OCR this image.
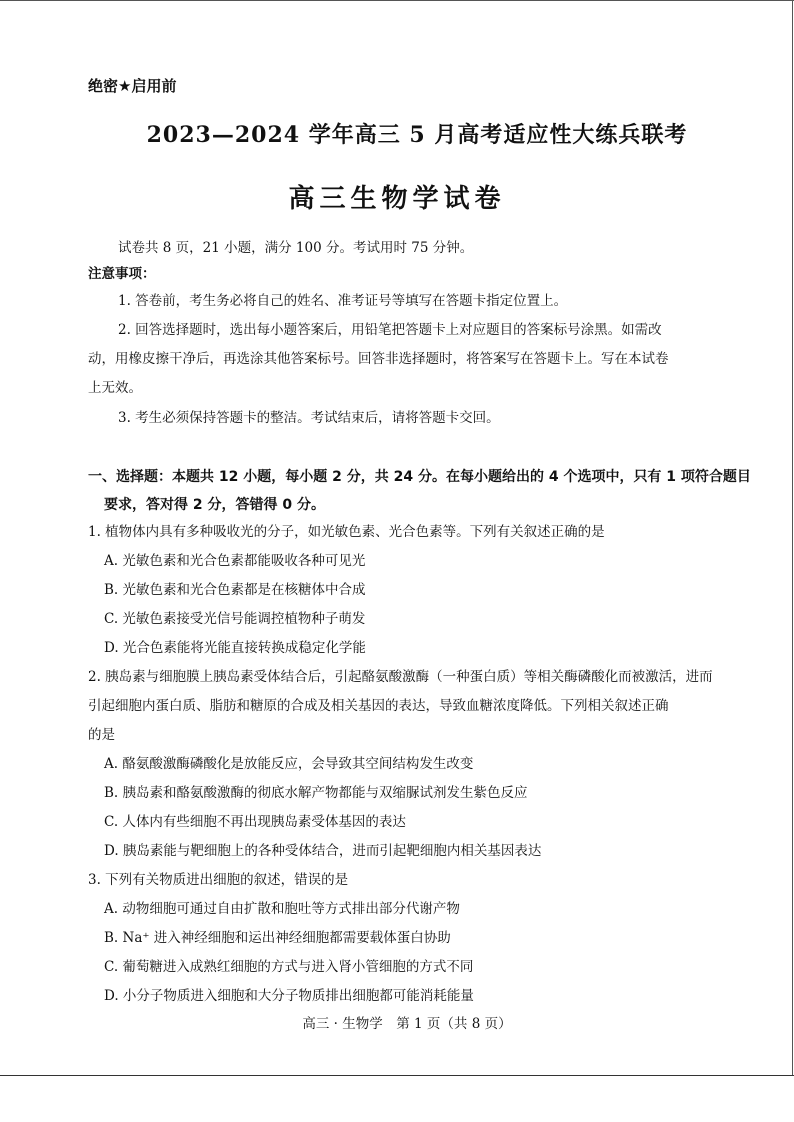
绝密★启用前
2023—2024 学年高三 5 月高考适应性大练兵联考
高三生物学试卷
试卷共 8 页，21 小题，满分 100 分。考试用时 75 分钟。
注意事项：
1. 答卷前，考生务必将自己的姓名、准考证号等填写在答题卡指定位置上。
2. 回答选择题时，选出每小题答案后，用铅笔把答题卡上对应题目的答案标号涂黑。如需改
动，用橡皮擦干净后，再选涂其他答案标号。回答非选择题时，将答案写在答题卡上。写在本试卷
上无效。
3. 考生必须保持答题卡的整洁。考试结束后，请将答题卡交回。
一、选择题：本题共 12 小题，每小题 2 分，共 24 分。在每小题给出的 4 个选项中，只有 1 项符合题目
要求，答对得 2 分，答错得 0 分。
1. 植物体内具有多种吸收光的分子，如光敏色素、光合色素等。下列有关叙述正确的是
A. 光敏色素和光合色素都能吸收各种可见光
B. 光敏色素和光合色素都是在核糖体中合成
C. 光敏色素接受光信号能调控植物种子萌发
D. 光合色素能将光能直接转换成稳定化学能
2. 胰岛素与细胞膜上胰岛素受体结合后，引起酪氨酸激酶（一种蛋白质）等相关酶磷酸化而被激活，进而
引起细胞内蛋白质、脂肪和糖原的合成及相关基因的表达，导致血糖浓度降低。下列相关叙述正确
的是
A. 酪氨酸激酶磷酸化是放能反应，会导致其空间结构发生改变
B. 胰岛素和酪氨酸激酶的彻底水解产物都能与双缩脲试剂发生紫色反应
C. 人体内有些细胞不再出现胰岛素受体基因的表达
D. 胰岛素能与靶细胞上的各种受体结合，进而引起靶细胞内相关基因表达
3. 下列有关物质进出细胞的叙述，错误的是
A. 动物细胞可通过自由扩散和胞吐等方式排出部分代谢产物
B. Na⁺ 进入神经细胞和运出神经细胞都需要载体蛋白协助
C. 葡萄糖进入成熟红细胞的方式与进入肾小管细胞的方式不同
D. 小分子物质进入细胞和大分子物质排出细胞都可能消耗能量
高三 · 生物学　第 1 页（共 8 页）
